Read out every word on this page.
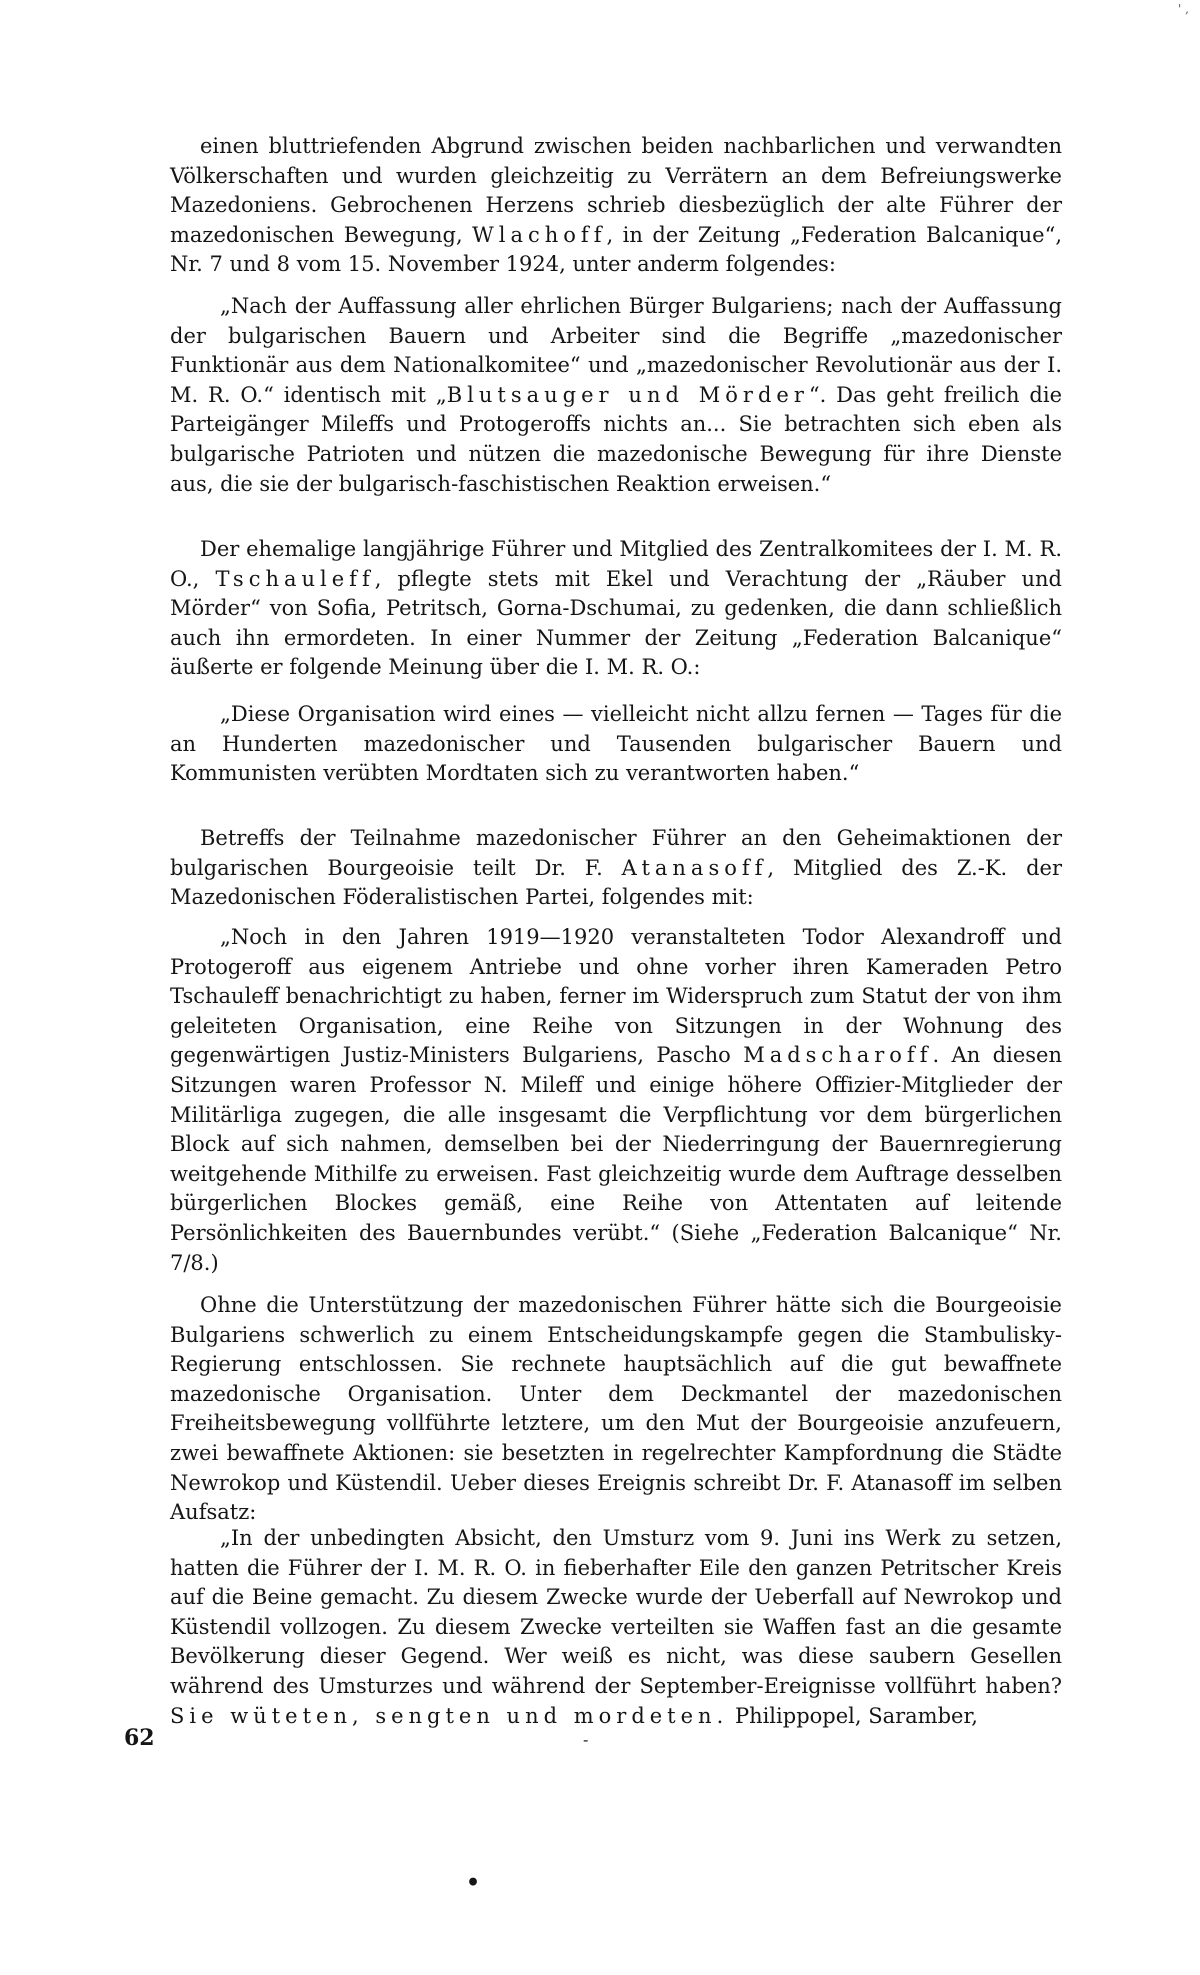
' ,

einen bluttriefenden Abgrund zwischen beiden nachbarlichen und verwandten Völkerschaften und wurden gleichzeitig zu Verrätern an dem Befreiungswerke Mazedoniens. Gebrochenen Herzens schrieb diesbezüglich der alte Führer der mazedonischen Bewegung, Wlachoff, in der Zeitung „Federation Balcanique“, Nr. 7 und 8 vom 15. November 1924, unter anderm folgendes:

„Nach der Auffassung aller ehrlichen Bürger Bulgariens; nach der Auffassung der bulgarischen Bauern und Arbeiter sind die Begriffe „mazedonischer Funktionär aus dem Nationalkomitee“ und „mazedonischer Revolutionär aus der I. M. R. O.“ identisch mit „Blutsauger und Mörder“. Das geht freilich die Parteigänger Mileffs und Protogeroffs nichts an... Sie betrachten sich eben als bulgarische Patrioten und nützen die mazedonische Bewegung für ihre Dienste aus, die sie der bulgarisch-faschistischen Reaktion erweisen.“

Der ehemalige langjährige Führer und Mitglied des Zentralkomitees der I. M. R. O., Tschauleff, pflegte stets mit Ekel und Verachtung der „Räuber und Mörder“ von Sofia, Petritsch, Gorna-Dschumai, zu gedenken, die dann schließlich auch ihn ermordeten. In einer Nummer der Zeitung „Federation Balcanique“ äußerte er folgende Meinung über die I. M. R. O.:

„Diese Organisation wird eines — vielleicht nicht allzu fernen — Tages für die an Hunderten mazedonischer und Tausenden bulgarischer Bauern und Kommunisten verübten Mordtaten sich zu verantworten haben.“

Betreffs der Teilnahme mazedonischer Führer an den Geheimaktionen der bulgarischen Bourgeoisie teilt Dr. F. Atanasoff, Mitglied des Z.-K. der Mazedonischen Föderalistischen Partei, folgendes mit:

„Noch in den Jahren 1919—1920 veranstalteten Todor Alexandroff und Protogeroff aus eigenem Antriebe und ohne vorher ihren Kameraden Petro Tschauleff benachrichtigt zu haben, ferner im Widerspruch zum Statut der von ihm geleiteten Organisation, eine Reihe von Sitzungen in der Wohnung des gegenwärtigen Justiz-Ministers Bulgariens, Pascho Madscharoff. An diesen Sitzungen waren Professor N. Mileff und einige höhere Offizier-Mitglieder der Militärliga zugegen, die alle insgesamt die Verpflichtung vor dem bürgerlichen Block auf sich nahmen, demselben bei der Niederringung der Bauernregierung weitgehende Mithilfe zu erweisen. Fast gleichzeitig wurde dem Auftrage desselben bürgerlichen Blockes gemäß, eine Reihe von Attentaten auf leitende Persönlichkeiten des Bauernbundes verübt.“ (Siehe „Federation Balcanique“ Nr. 7/8.)

Ohne die Unterstützung der mazedonischen Führer hätte sich die Bourgeoisie Bulgariens schwerlich zu einem Entscheidungskampfe gegen die Stambulisky-Regierung entschlossen. Sie rechnete hauptsächlich auf die gut bewaffnete mazedonische Organisation. Unter dem Deckmantel der mazedonischen Freiheitsbewegung vollführte letztere, um den Mut der Bourgeoisie anzufeuern, zwei bewaffnete Aktionen: sie besetzten in regelrechter Kampfordnung die Städte Newrokop und Küstendil. Ueber dieses Ereignis schreibt Dr. F. Atanasoff im selben Aufsatz:

„In der unbedingten Absicht, den Umsturz vom 9. Juni ins Werk zu setzen, hatten die Führer der I. M. R. O. in fieberhafter Eile den ganzen Petritscher Kreis auf die Beine gemacht. Zu diesem Zwecke wurde der Ueberfall auf Newrokop und Küstendil vollzogen. Zu diesem Zwecke verteilten sie Waffen fast an die gesamte Bevölkerung dieser Gegend. Wer weiß es nicht, was diese saubern Gesellen während des Umsturzes und während der September-Ereignisse vollführt haben? Sie wüteten, sengten und mordeten. Philippopel, Saramber,

62	-
•
